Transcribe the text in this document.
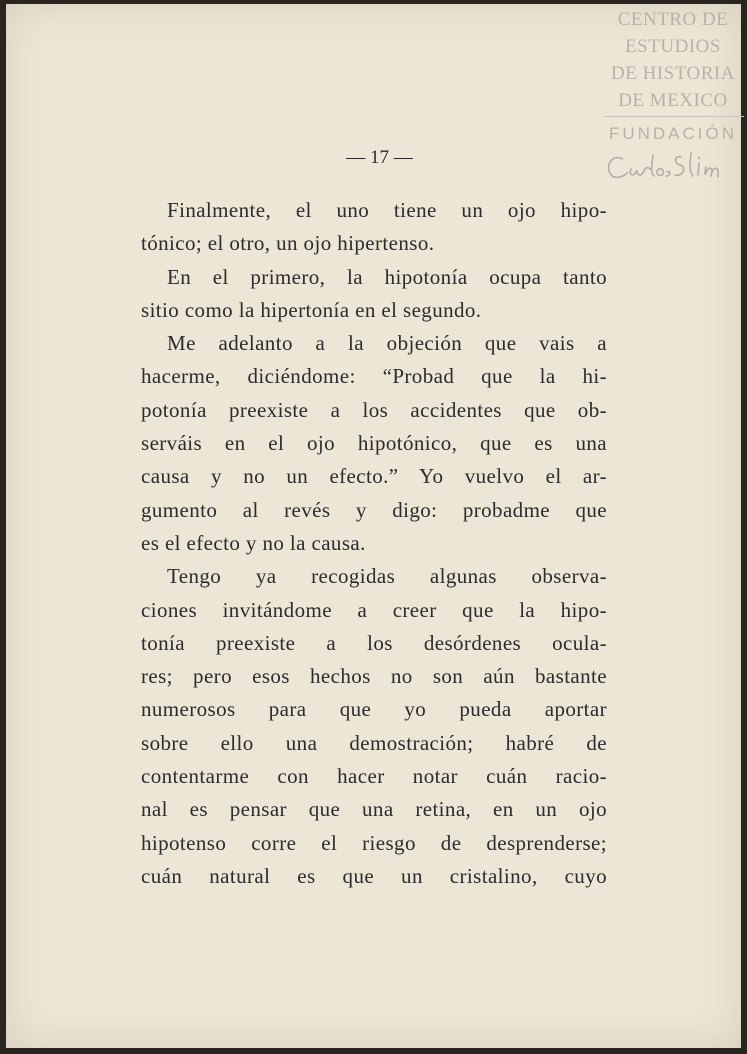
CENTRO DE
ESTUDIOS
DE HISTORIA
DE MEXICO
FUNDACIÓN
— 17 —
Finalmente, el uno tiene un ojo hipo-
tónico; el otro, un ojo hipertenso.
En el primero, la hipotonía ocupa tanto
sitio como la hipertonía en el segundo.
Me adelanto a la objeción que vais a
hacerme, diciéndome: “Probad que la hi-
potonía preexiste a los accidentes que ob-
serváis en el ojo hipotónico, que es una
causa y no un efecto.” Yo vuelvo el ar-
gumento al revés y digo: probadme que
es el efecto y no la causa.
Tengo ya recogidas algunas observa-
ciones invitándome a creer que la hipo-
tonía preexiste a los desórdenes ocula-
res; pero esos hechos no son aún bastante
numerosos para que yo pueda aportar
sobre ello una demostración; habré de
contentarme con hacer notar cuán racio-
nal es pensar que una retina, en un ojo
hipotenso corre el riesgo de desprenderse;
cuán natural es que un cristalino, cuyo
